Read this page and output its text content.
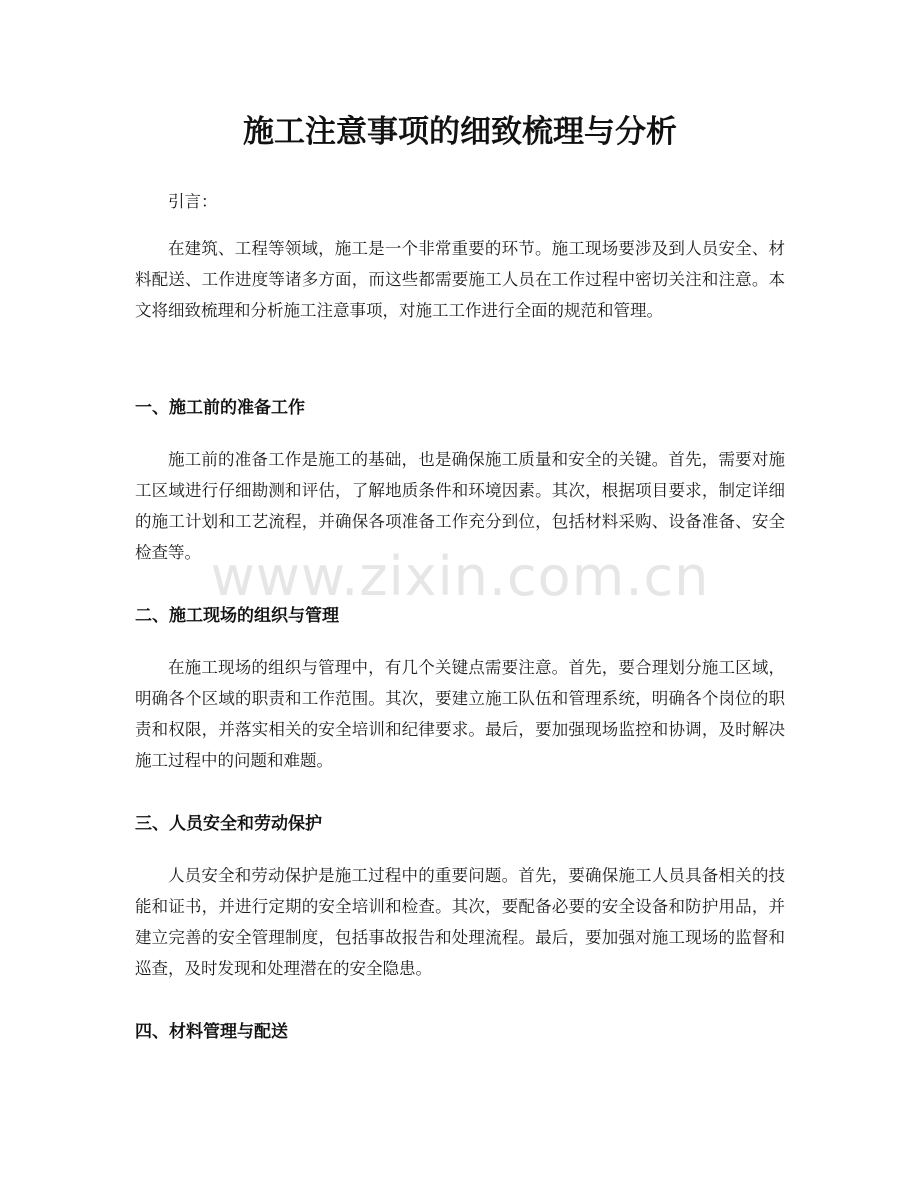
施工注意事项的细致梳理与分析

引言：

在建筑、工程等领域，施工是一个非常重要的环节。施工现场要涉及到人员安全、材料配送、工作进度等诸多方面，而这些都需要施工人员在工作过程中密切关注和注意。本文将细致梳理和分析施工注意事项，对施工工作进行全面的规范和管理。

一、施工前的准备工作

施工前的准备工作是施工的基础，也是确保施工质量和安全的关键。首先，需要对施工区域进行仔细勘测和评估，了解地质条件和环境因素。其次，根据项目要求，制定详细的施工计划和工艺流程，并确保各项准备工作充分到位，包括材料采购、设备准备、安全检查等。

二、施工现场的组织与管理

在施工现场的组织与管理中，有几个关键点需要注意。首先，要合理划分施工区域，明确各个区域的职责和工作范围。其次，要建立施工队伍和管理系统，明确各个岗位的职责和权限，并落实相关的安全培训和纪律要求。最后，要加强现场监控和协调，及时解决施工过程中的问题和难题。

三、人员安全和劳动保护

人员安全和劳动保护是施工过程中的重要问题。首先，要确保施工人员具备相关的技能和证书，并进行定期的安全培训和检查。其次，要配备必要的安全设备和防护用品，并建立完善的安全管理制度，包括事故报告和处理流程。最后，要加强对施工现场的监督和巡查，及时发现和处理潜在的安全隐患。

四、材料管理与配送
www.zixin.com.cn
